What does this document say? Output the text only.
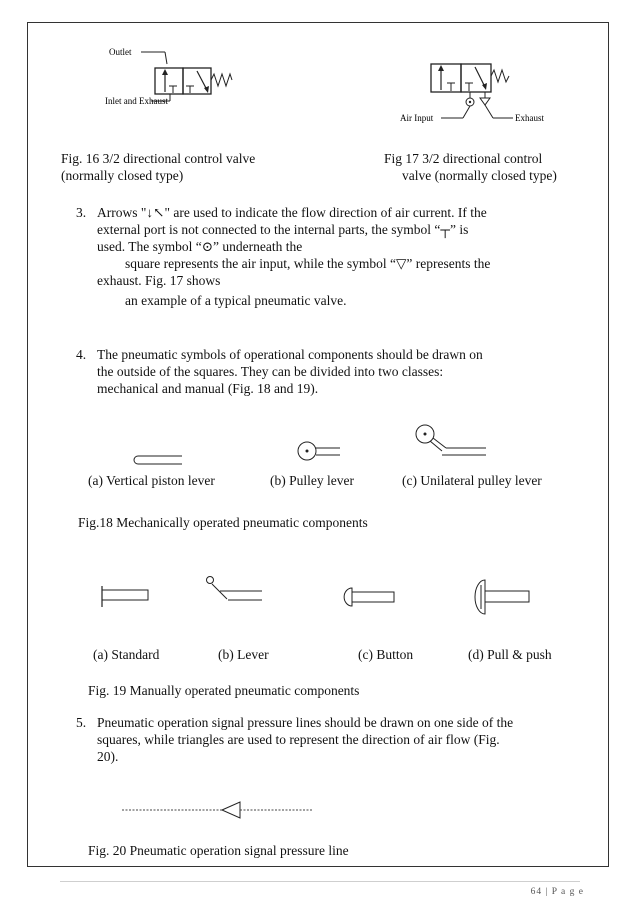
Outlet
Inlet and Exhaust
Air Input	Exhaust
Fig. 16 3/2 directional control valve
(normally closed type)
Fig 17 3/2 directional control
valve (normally closed type)
3. Arrows "↓↖" are used to indicate the flow direction of air current. If the
external port is not connected to the internal parts, the symbol “┬” is
used. The symbol “⊙” underneath the
square represents the air input, while the symbol “▽” represents the
exhaust. Fig. 17 shows
an example of a typical pneumatic valve.
4. The pneumatic symbols of operational components should be drawn on
the outside of the squares. They can be divided into two classes:
mechanical and manual (Fig. 18 and 19).
(a) Vertical piston lever	(b) Pulley lever	(c) Unilateral pulley lever
Fig.18 Mechanically operated pneumatic components
(a) Standard	(b) Lever	(c) Button	(d) Pull & push
Fig. 19 Manually operated pneumatic components
5. Pneumatic operation signal pressure lines should be drawn on one side of the
squares, while triangles are used to represent the direction of air flow (Fig.
20).
Fig. 20 Pneumatic operation signal pressure line
64 | P a g e
